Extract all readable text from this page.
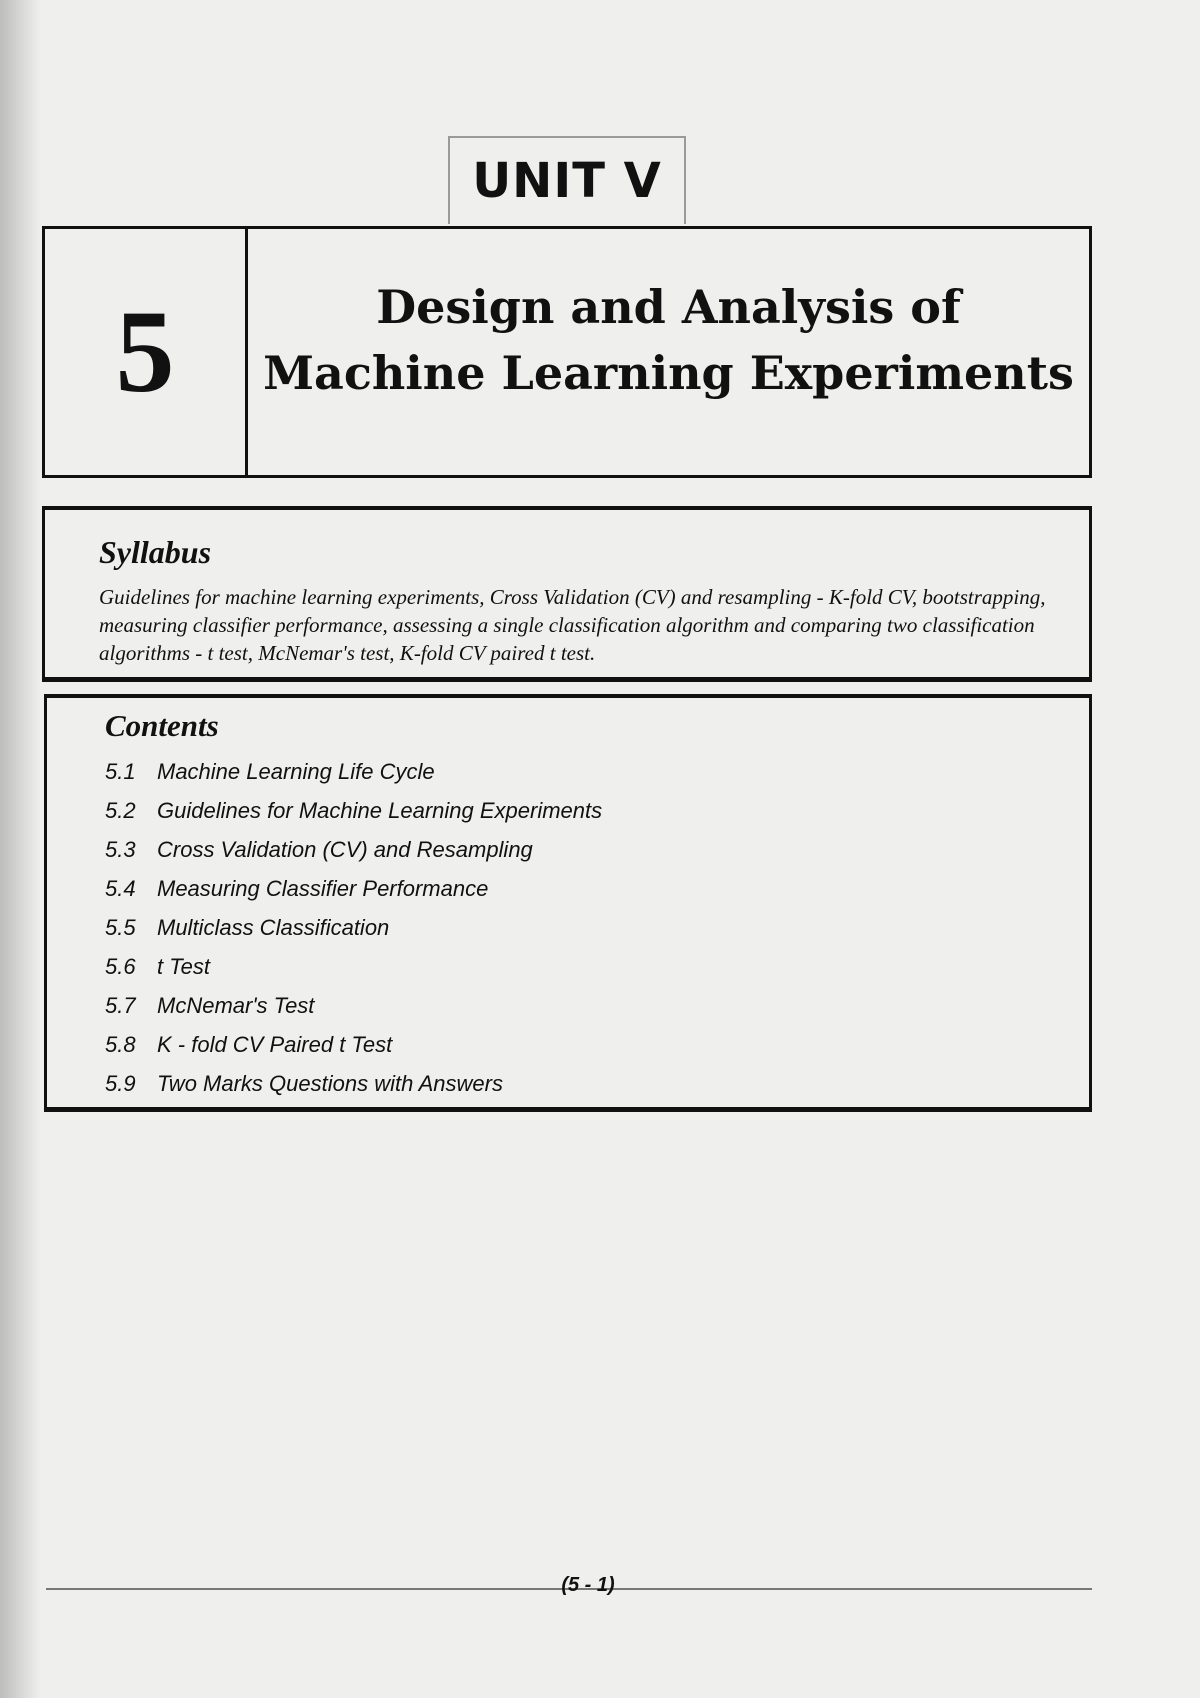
UNIT V
5	Design and Analysis of
Machine Learning Experiments

Syllabus

Guidelines for machine learning experiments, Cross Validation (CV) and resampling - K-fold CV, bootstrapping, measuring classifier performance, assessing a single classification algorithm and comparing two classification algorithms - t test, McNemar's test, K-fold CV paired t test.

Contents

5.1 Machine Learning Life Cycle
5.2 Guidelines for Machine Learning Experiments
5.3 Cross Validation (CV) and Resampling
5.4 Measuring Classifier Performance
5.5 Multiclass Classification
5.6 t Test
5.7 McNemar's Test
5.8 K - fold CV Paired t Test
5.9 Two Marks Questions with Answers
(5 - 1)
